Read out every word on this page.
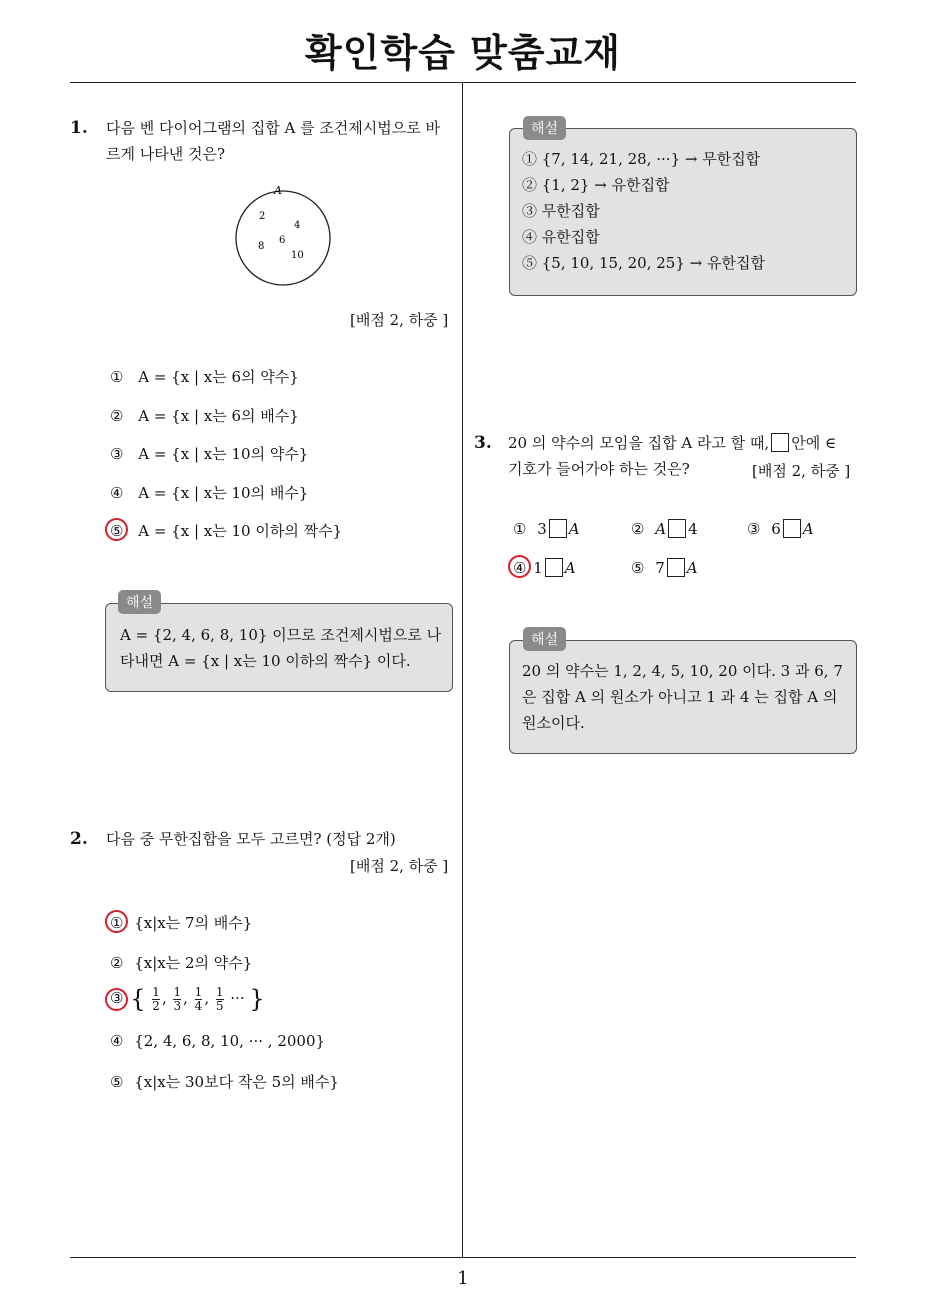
확인학습 맞춤교재
1
1. 다음 벤 다이어그램의 집합 A 를 조건제시법으로 바
르게 나타낸 것은?
A
2
4
6
8
10
[배점 2, 하중 ]
① A = {x | x는 6의 약수}
② A = {x | x는 6의 배수}
③ A = {x | x는 10의 약수}
④ A = {x | x는 10의 배수}
⑤ A = {x | x는 10 이하의 짝수}
A = {2, 4, 6, 8, 10} 이므로 조건제시법으로 나
타내면 A = {x | x는 10 이하의 짝수} 이다.
해설
2. 다음 중 무한집합을 모두 고르면? (정답 2개)
[배점 2, 하중 ]
① {x|x는 7의 배수}
② {x|x는 2의 약수}
③ { $\frac{1}{2}$ , $\frac{1}{3}$ , $\frac{1}{4}$ , $\frac{1}{5}$ ··· }
④ {2, 4, 6, 8, 10, ··· , 2000}
⑤ {x|x는 30보다 작은 5의 배수}
① {7, 14, 21, 28, ···} → 무한집합
② {1, 2} → 유한집합
③ 무한집합
④ 유한집합
⑤ {5, 10, 15, 20, 25} → 유한집합
해설
3. 20 의 약수의 모임을 집합 A 라고 할 때, 안에 ∈
기호가 들어가야 하는 것은?	[배점 2, 하중 ]
① 3 A	② A 4	③ 6 A
④ 1 A	⑤ 7 A
20 의 약수는 1, 2, 4, 5, 10, 20 이다. 3 과 6, 7
은 집합 A 의 원소가 아니고 1 과 4 는 집합 A 의
원소이다.
해설
